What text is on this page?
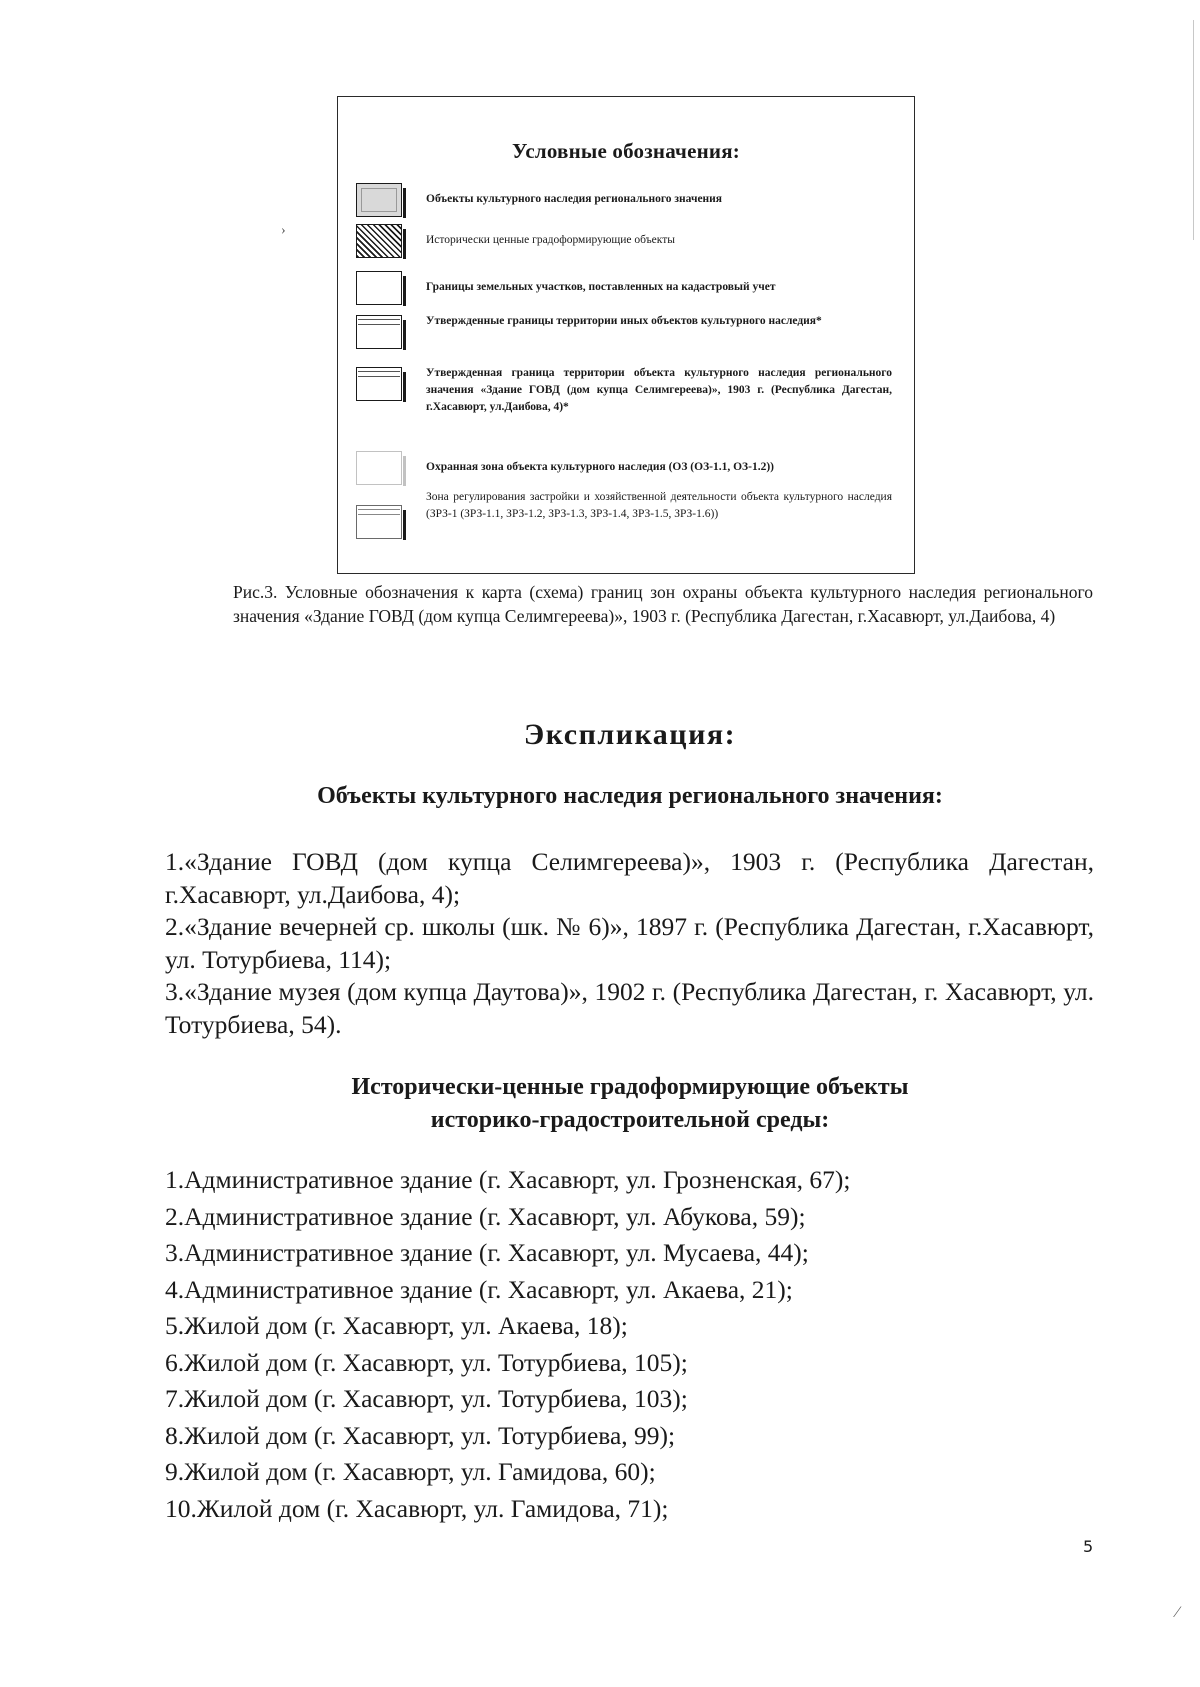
›
⁄
Условные обозначения:
Объекты культурного наследия регионального значения
Исторически ценные градоформирующие объекты
Границы земельных участков, поставленных на кадастровый учет
Утвержденные границы территории иных объектов культурного наследия*
Утвержденная граница территории объекта культурного наследия регионального значения «Здание ГОВД (дом купца Селимгереева)», 1903 г. (Республика Дагестан, г.Хасавюрт, ул.Даибова, 4)*
Охранная зона объекта культурного наследия (ОЗ (ОЗ-1.1, ОЗ-1.2))
Зона регулирования застройки и хозяйственной деятельности объекта культурного наследия (ЗРЗ-1 (ЗРЗ-1.1, ЗРЗ-1.2, ЗРЗ-1.3, ЗРЗ-1.4, ЗРЗ-1.5, ЗРЗ-1.6))
Рис.3. Условные обозначения к карта (схема) границ зон охраны объекта культурного наследия регионального значения «Здание ГОВД (дом купца Селимгереева)», 1903 г. (Республика Дагестан, г.Хасавюрт, ул.Даибова, 4)
Экспликация:
Объекты культурного наследия регионального значения:
1.«Здание ГОВД (дом купца Селимгереева)», 1903 г. (Республика Дагестан, г.Хасавюрт, ул.Даибова, 4);
2.«Здание вечерней ср. школы (шк. № 6)», 1897 г. (Республика Дагестан, г.Хасавюрт, ул. Тотурбиева, 114);
3.«Здание музея (дом купца Даутова)», 1902 г. (Республика Дагестан, г. Хасавюрт, ул. Тотурбиева, 54).
Исторически-ценные градоформирующие объекты
историко-градостроительной среды:
1.Административное здание (г. Хасавюрт, ул. Грозненская, 67);
2.Административное здание (г. Хасавюрт, ул. Абукова, 59);
3.Административное здание (г. Хасавюрт, ул. Мусаева, 44);
4.Административное здание (г. Хасавюрт, ул. Акаева, 21);
5.Жилой дом (г. Хасавюрт, ул. Акаева, 18);
6.Жилой дом (г. Хасавюрт, ул. Тотурбиева, 105);
7.Жилой дом (г. Хасавюрт, ул. Тотурбиева, 103);
8.Жилой дом (г. Хасавюрт, ул. Тотурбиева, 99);
9.Жилой дом (г. Хасавюрт, ул. Гамидова, 60);
10.Жилой дом (г. Хасавюрт, ул. Гамидова, 71);
5
